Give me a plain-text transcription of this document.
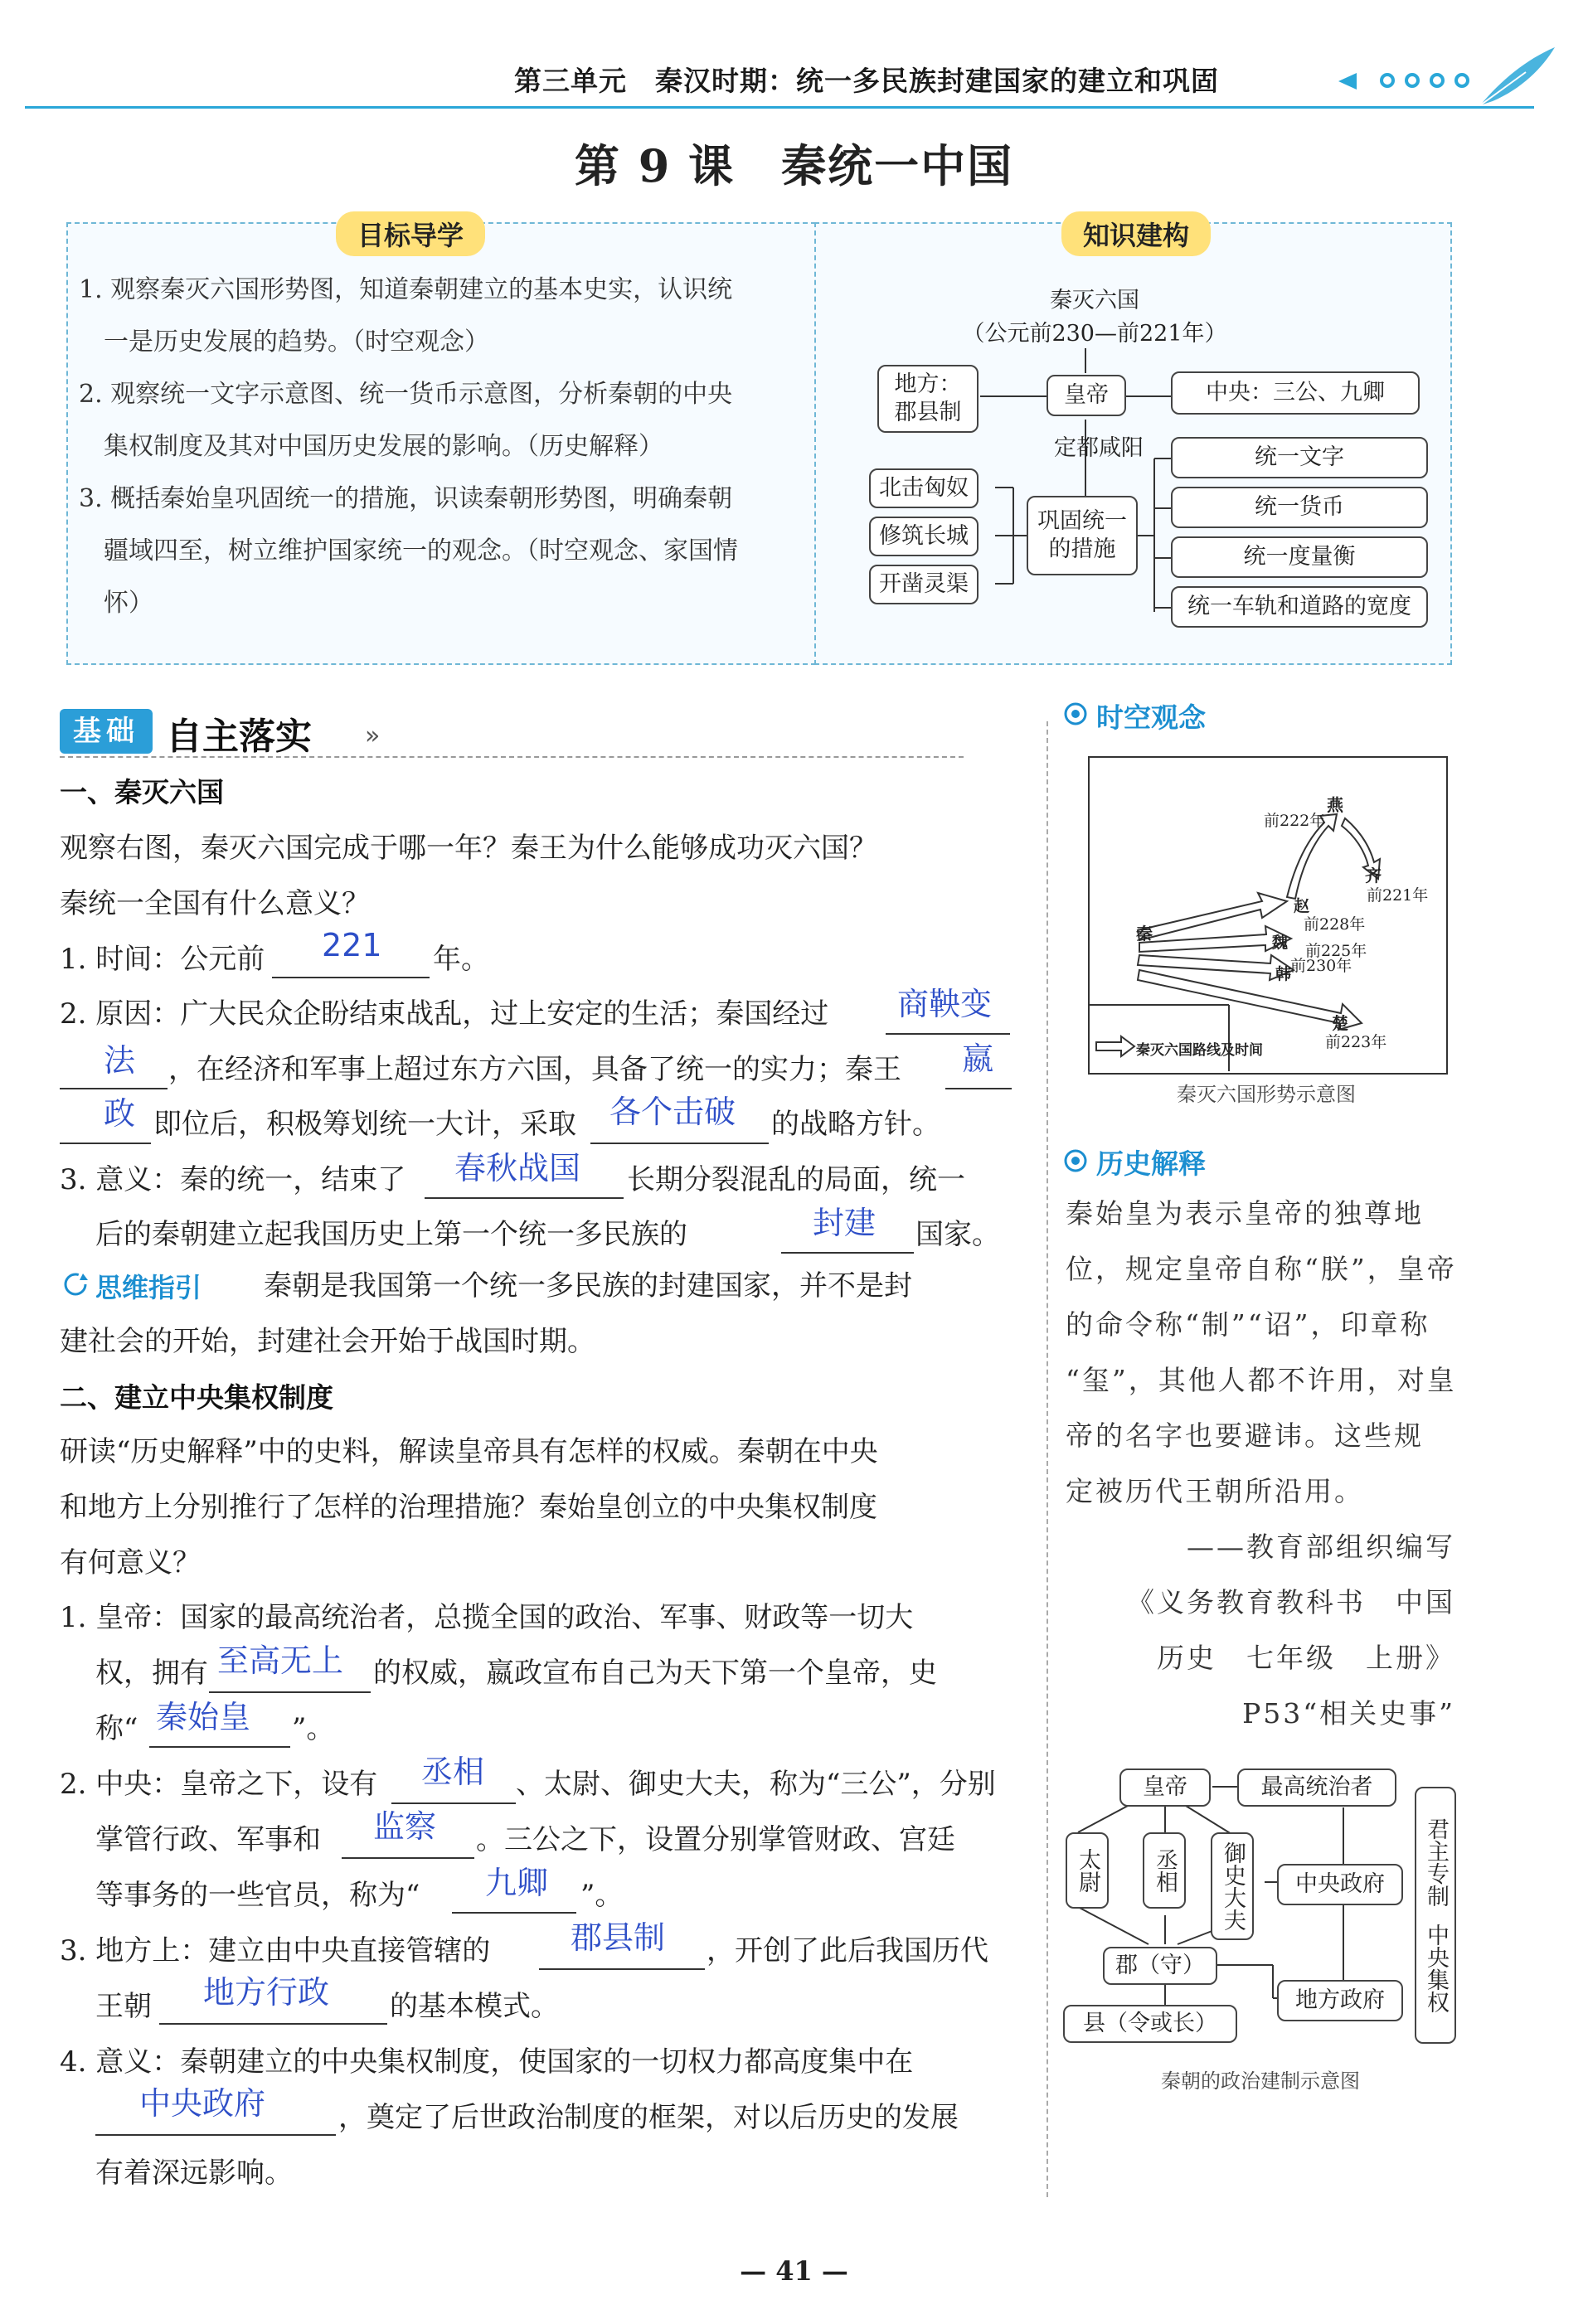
第三单元　秦汉时期：统一多民族封建国家的建立和巩固
第 9 课　秦统一中国
目标导学
1. 观察秦灭六国形势图，知道秦朝建立的基本史实，认识统
一是历史发展的趋势。（时空观念）
2. 观察统一文字示意图、统一货币示意图，分析秦朝的中央
集权制度及其对中国历史发展的影响。（历史解释）
3. 概括秦始皇巩固统一的措施，识读秦朝形势图，明确秦朝
疆域四至，树立维护国家统一的观念。（时空观念、家国情
怀）
知识建构
秦灭六国
（公元前230—前221年）
地方：
郡县制
皇帝	中央：三公、九卿
定都咸阳
巩固统一
的措施
北击匈奴
修筑长城
开凿灵渠
统一文字
统一货币
统一度量衡
统一车轨和道路的宽度
基础 自主落实 »
一、秦灭六国
观察右图，秦灭六国完成于哪一年？秦王为什么能够成功灭六国？
秦统一全国有什么意义？
1. 时间：公元前 221 年。
2. 原因：广大民众企盼结束战乱，过上安定的生活；秦国经过 商鞅变
法 ，在经济和军事上超过东方六国，具备了统一的实力；秦王 嬴
政 即位后，积极筹划统一大计，采取 各个击破 的战略方针。
3. 意义：秦的统一，结束了 春秋战国 长期分裂混乱的局面，统一
后的秦朝建立起我国历史上第一个统一多民族的	封建 国家。
思维指引 秦朝是我国第一个统一多民族的封建国家，并不是封
建社会的开始，封建社会开始于战国时期。
二、建立中央集权制度
研读“历史解释”中的史料，解读皇帝具有怎样的权威。秦朝在中央
和地方上分别推行了怎样的治理措施？秦始皇创立的中央集权制度
有何意义？
1. 皇帝：国家的最高统治者，总揽全国的政治、军事、财政等一切大
权，拥有 至高无上 的权威，嬴政宣布自己为天下第一个皇帝，史
称“ 秦始皇 ”。
2. 中央：皇帝之下，设有 丞相 、太尉、御史大夫，称为“三公”，分别
掌管行政、军事和 监察 。三公之下，设置分别掌管财政、宫廷
等事务的一些官员，称为“ 九卿 ”。
3. 地方上：建立由中央直接管辖的	郡县制 ，开创了此后我国历代
王朝 地方行政 的基本模式。
4. 意义：秦朝建立的中央集权制度，使国家的一切权力都高度集中在
中央政府	，奠定了后世政治制度的框架，对以后历史的发展
有着深远影响。
时空观念
燕
前222年
齐
前221年
秦
赵
前228年
魏 前225年
韩
前230年
楚
前223年
秦灭六国路线及时间
秦灭六国形势示意图
历史解释
秦始皇为表示皇帝的独尊地
位，规定皇帝自称“朕”，皇帝
的命令称“制”“诏”，印章称
“玺”，其他人都不许用，对皇
帝的名字也要避讳。这些规
定被历代王朝所沿用。
——教育部组织编写
《义务教育教科书　中国
历史　七年级　上册》
P53“相关史事”
皇帝	最高统治者
太尉	丞相	御史大夫	中央政府
郡（守）
地方政府
县（令或长）
君主专制
中央集权
秦朝的政治建制示意图
— 41 —
